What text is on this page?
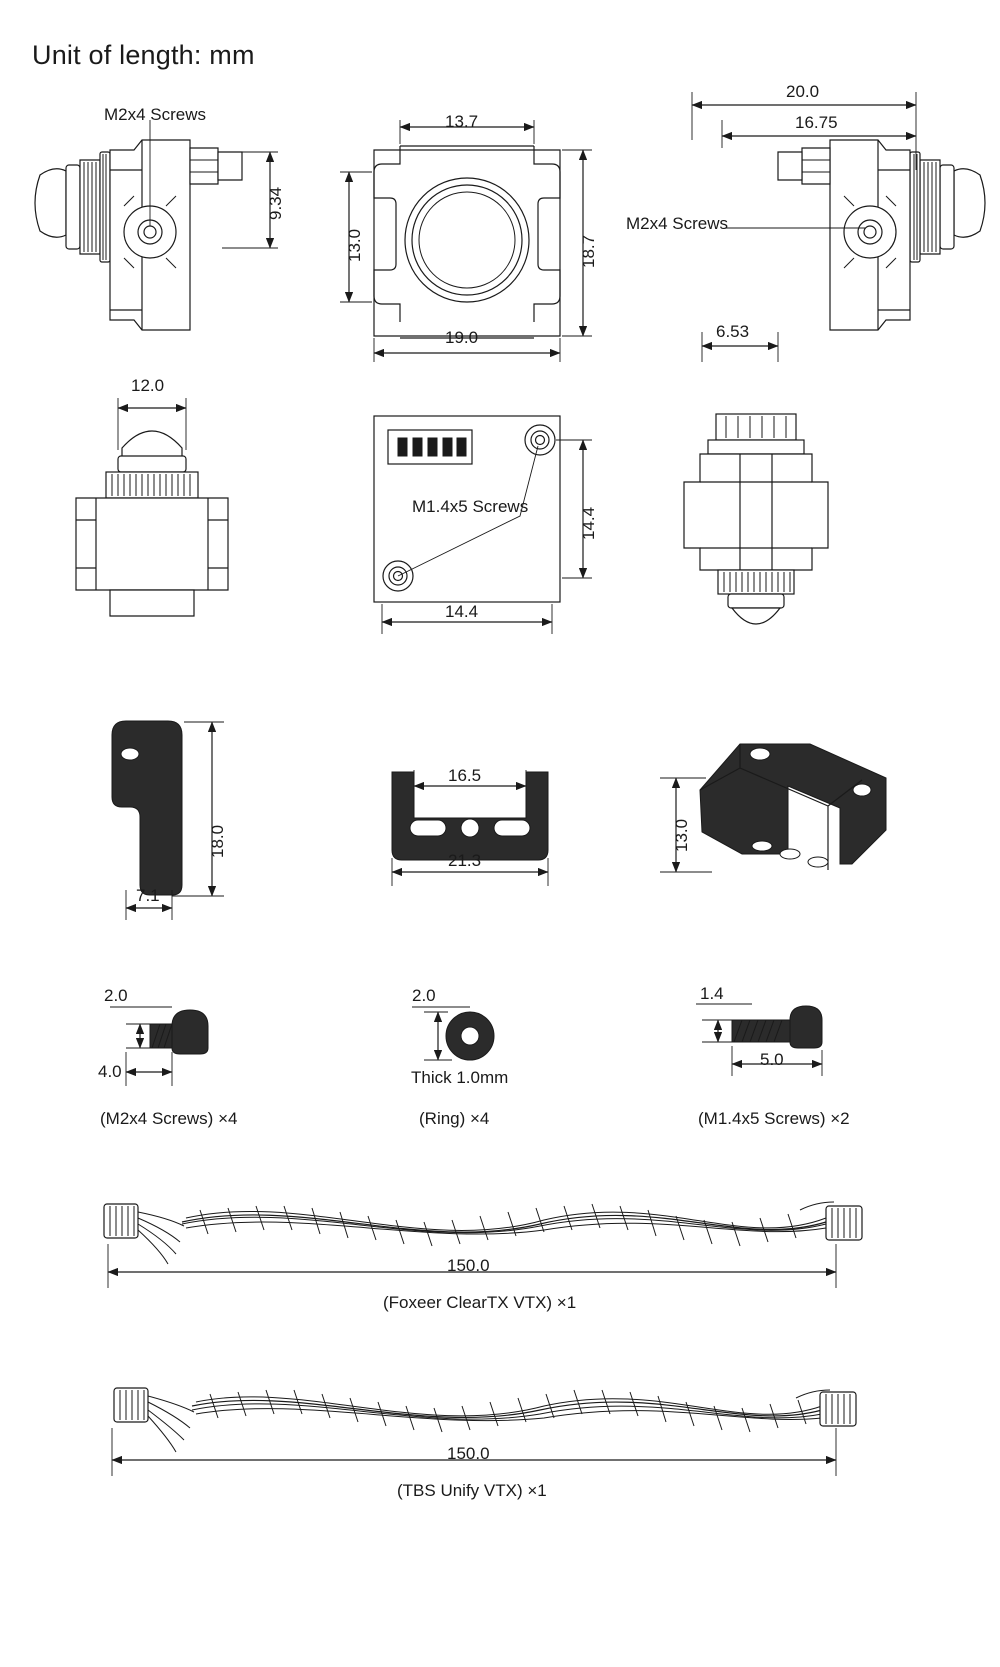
Unit of length: mm
M2x4 Screws
9.34
13.7
13.0	18.7
19.0
20.0
16.75
M2x4 Screws
6.53
12.0
M1.4x5 Screws
14.4
14.4
18.0
7.1
16.5
21.3
13.0
2.0
4.0
(M2x4 Screws) ×4
2.0
Thick 1.0mm
(Ring) ×4
1.4
5.0
(M1.4x5 Screws) ×2
150.0
(Foxeer ClearTX VTX) ×1
150.0
(TBS Unify VTX) ×1
